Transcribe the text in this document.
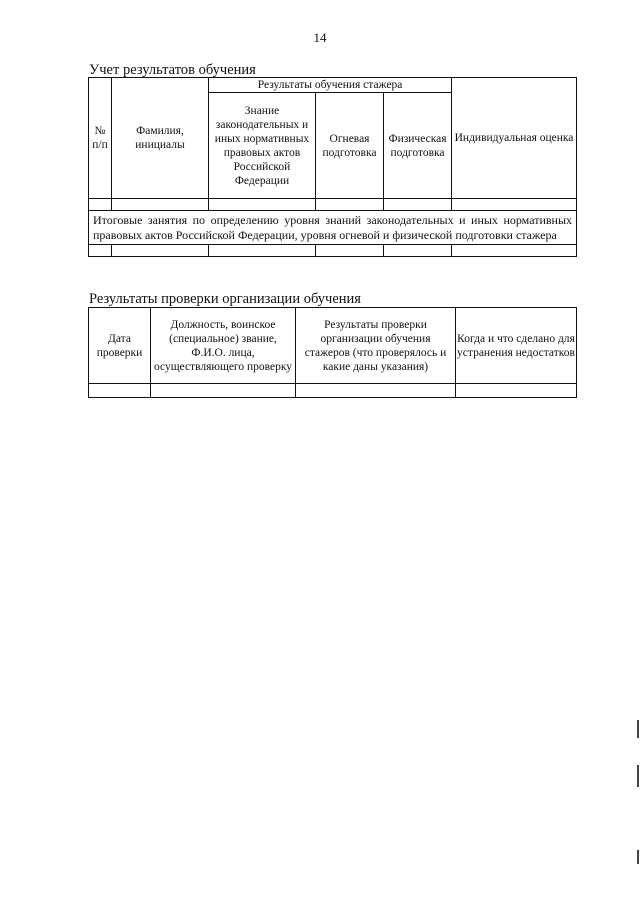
14
Учет результатов обучения
№ п/п	Фамилия, инициалы	Результаты обучения стажера			Индивидуальная оценка
		Знание законодательных и иных нормативных правовых актов Российской Федерации	Огневая подготовка	Физическая подготовка	

Итоговые занятия по определению уровня знаний законодательных и иных нормативных правовых актов Российской Федерации, уровня огневой и физической подготовки стажера					

Результаты проверки организации обучения
Дата проверки	Должность, воинское (специальное) звание, Ф.И.О. лица, осуществляющего проверку	Результаты проверки организации обучения стажеров (что проверялось и какие даны указания)	Когда и что сделано для устранения недостатков
